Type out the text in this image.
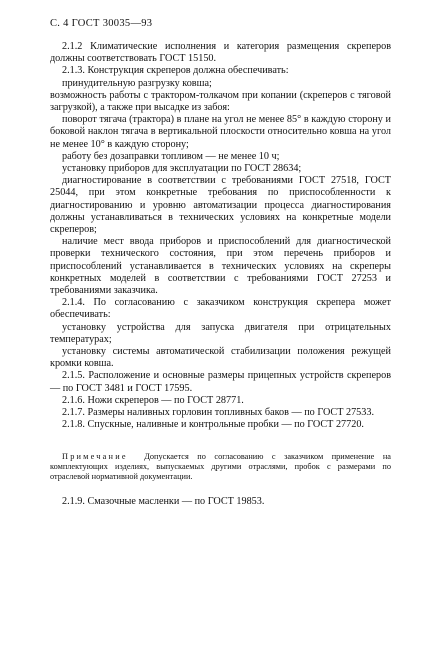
С. 4 ГОСТ 30035—93

2.1.2 Климатические исполнения и категория размещения скреперов должны соответствовать ГОСТ 15150.

2.1.3. Конструкция скреперов должна обеспечивать:

принудительную разгрузку ковша;

возможность работы с трактором-толкачом при копании (скреперов с тяговой загрузкой), а также при высадке из забоя:

поворот тягача (трактора) в плане на угол не менее 85° в каждую сторону и боковой наклон тягача в вертикальной плоскости относительно ковша на угол не менее 10° в каждую сторону;

работу без дозаправки топливом — не менее 10 ч;

установку приборов для эксплуатации по ГОСТ 28634;

диагностирование в соответствии с требованиями ГОСТ 27518, ГОСТ 25044, при этом конкретные требования по приспособленности к диагностированию и уровню автоматизации процесса диагностирования должны устанавливаться в технических условиях на конкретные модели скреперов;

наличие мест ввода приборов и приспособлений для диагностической проверки технического состояния, при этом перечень приборов и приспособлений устанавливается в технических условиях на скреперы конкретных моделей в соответствии с требованиями ГОСТ 27253 и требованиями заказчика.

2.1.4. По согласованию с заказчиком конструкция скрепера может обеспечивать:

установку устройства для запуска двигателя при отрицательных температурах;

установку системы автоматической стабилизации положения режущей кромки ковша.

2.1.5. Расположение и основные размеры прицепных устройств скреперов — по ГОСТ 3481 и ГОСТ 17595.

2.1.6. Ножи скреперов — по ГОСТ 28771.

2.1.7. Размеры наливных горловин топливных баков — по ГОСТ 27533.

2.1.8. Спускные, наливные и контрольные пробки — по ГОСТ 27720.

Примечание Допускается по согласованию с заказчиком применение на комплектующих изделиях, выпускаемых другими отраслями, пробок с размерами по отраслевой нормативной документации.

2.1.9. Смазочные масленки — по ГОСТ 19853.
